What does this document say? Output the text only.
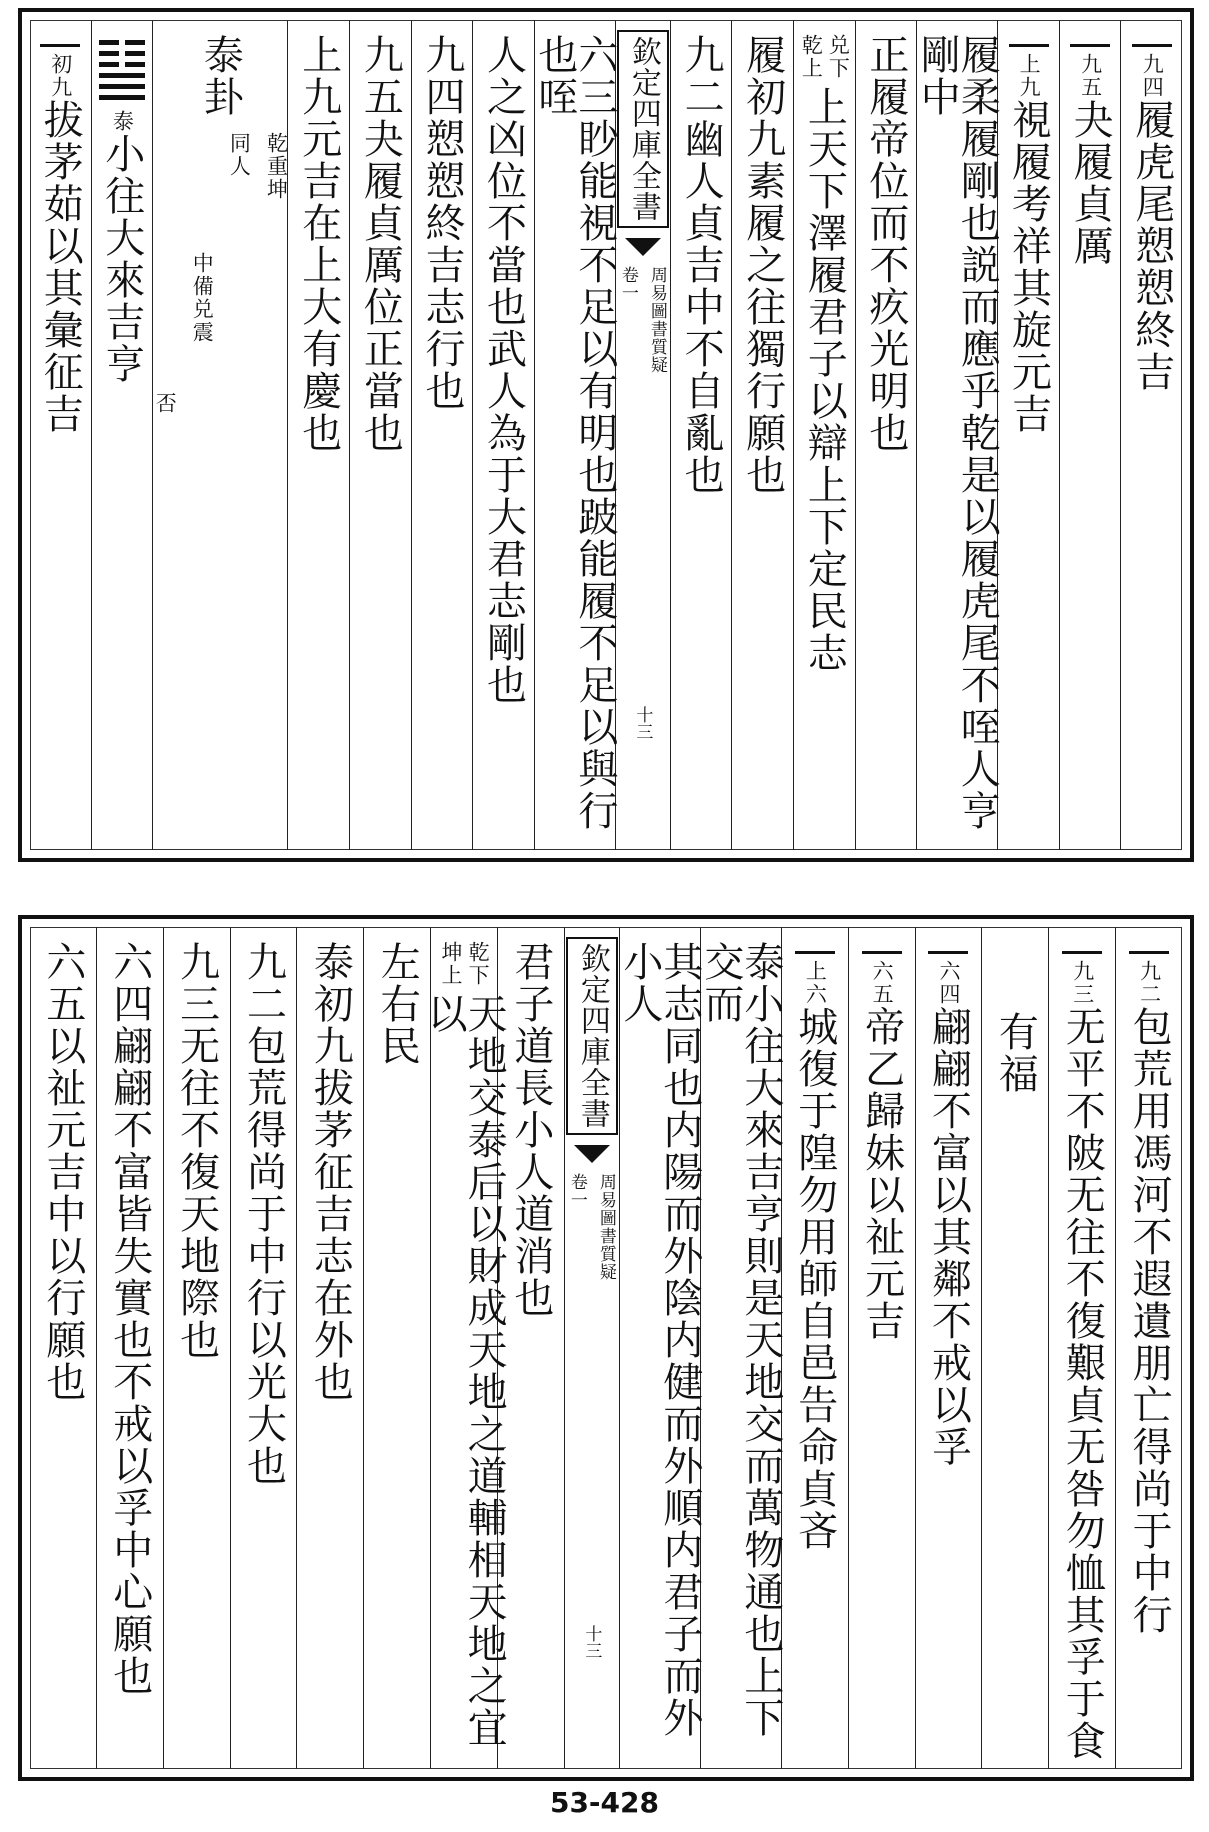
九四
履虎尾愬愬終吉
九五
夬履貞厲
上九
視履考祥其旋元吉
履柔履剛也説而應乎乾是以履虎尾不咥人亨剛中
正履帝位而不疚光明也
兑下
乾上
上天下澤履君子以辯上下定民志
履初九素履之往獨行願也
九二幽人貞吉中不自亂也
欽定四庫全書
周易圖書質疑
卷一
十三
六三眇能視不足以有明也跛能履不足以與行也咥
人之凶位不當也武人為于大君志剛也
九四愬愬終吉志行也
九五夬履貞厲位正當也
上九元吉在上大有慶也
泰卦
乾重坤
同人
中備兑震
否
泰
小往大來吉亨
初九
拔茅茹以其彙征吉
九二
包荒用馮河不遐遺朋亡得尚于中行
九三
无平不陂无往不復艱貞无咎勿恤其孚于食
有福
六四
翩翩不富以其鄰不戒以孚
六五
帝乙歸妹以祉元吉
上六
城復于隍勿用師自邑告命貞吝
泰小往大來吉亨則是天地交而萬物通也上下交而
其志同也内陽而外陰内健而外順内君子而外小人
欽定四庫全書
周易圖書質疑
卷一
十三
君子道長小人道消也
乾下
坤上
天地交泰后以財成天地之道輔相天地之宜以
左右民
泰初九拔茅征吉志在外也
九二包荒得尚于中行以光大也
九三无往不復天地際也
六四翩翩不富皆失實也不戒以孚中心願也
六五以祉元吉中以行願也
53-428
